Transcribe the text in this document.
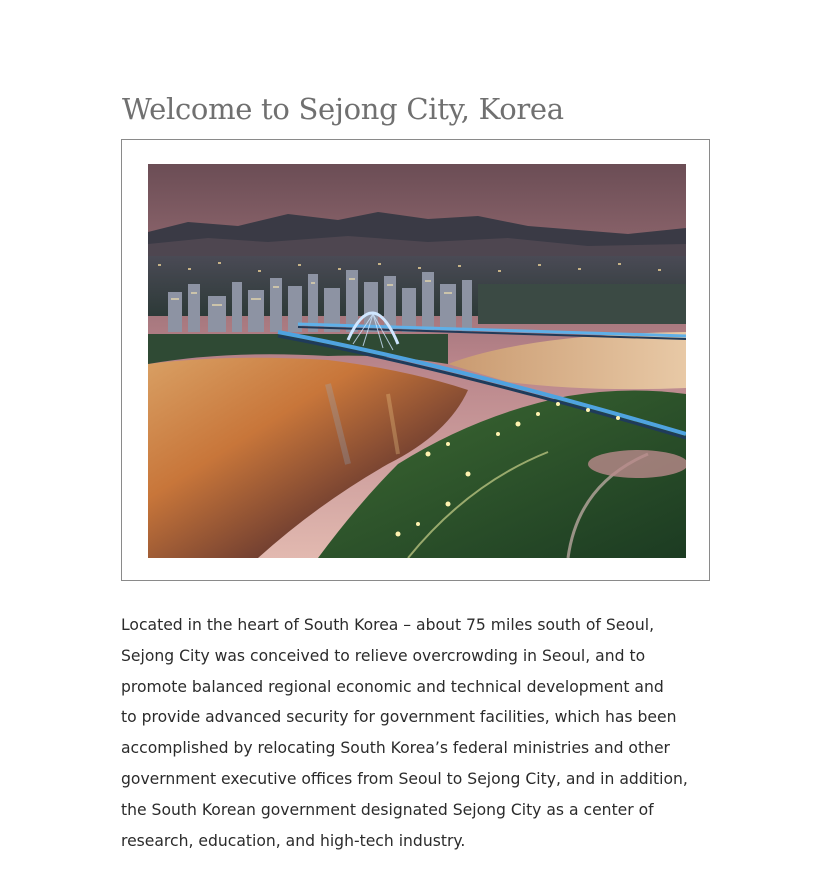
Welcome to Sejong City, Korea

Located in the heart of South Korea – about 75 miles south of Seoul,
Sejong City was conceived to relieve overcrowding in Seoul, and to
promote balanced regional economic and technical development and
to provide advanced security for government facilities, which has been
accomplished by relocating South Korea’s federal ministries and other
government executive offices from Seoul to Sejong City, and in addition,
the South Korean government designated Sejong City as a center of
research, education, and high-tech industry.
